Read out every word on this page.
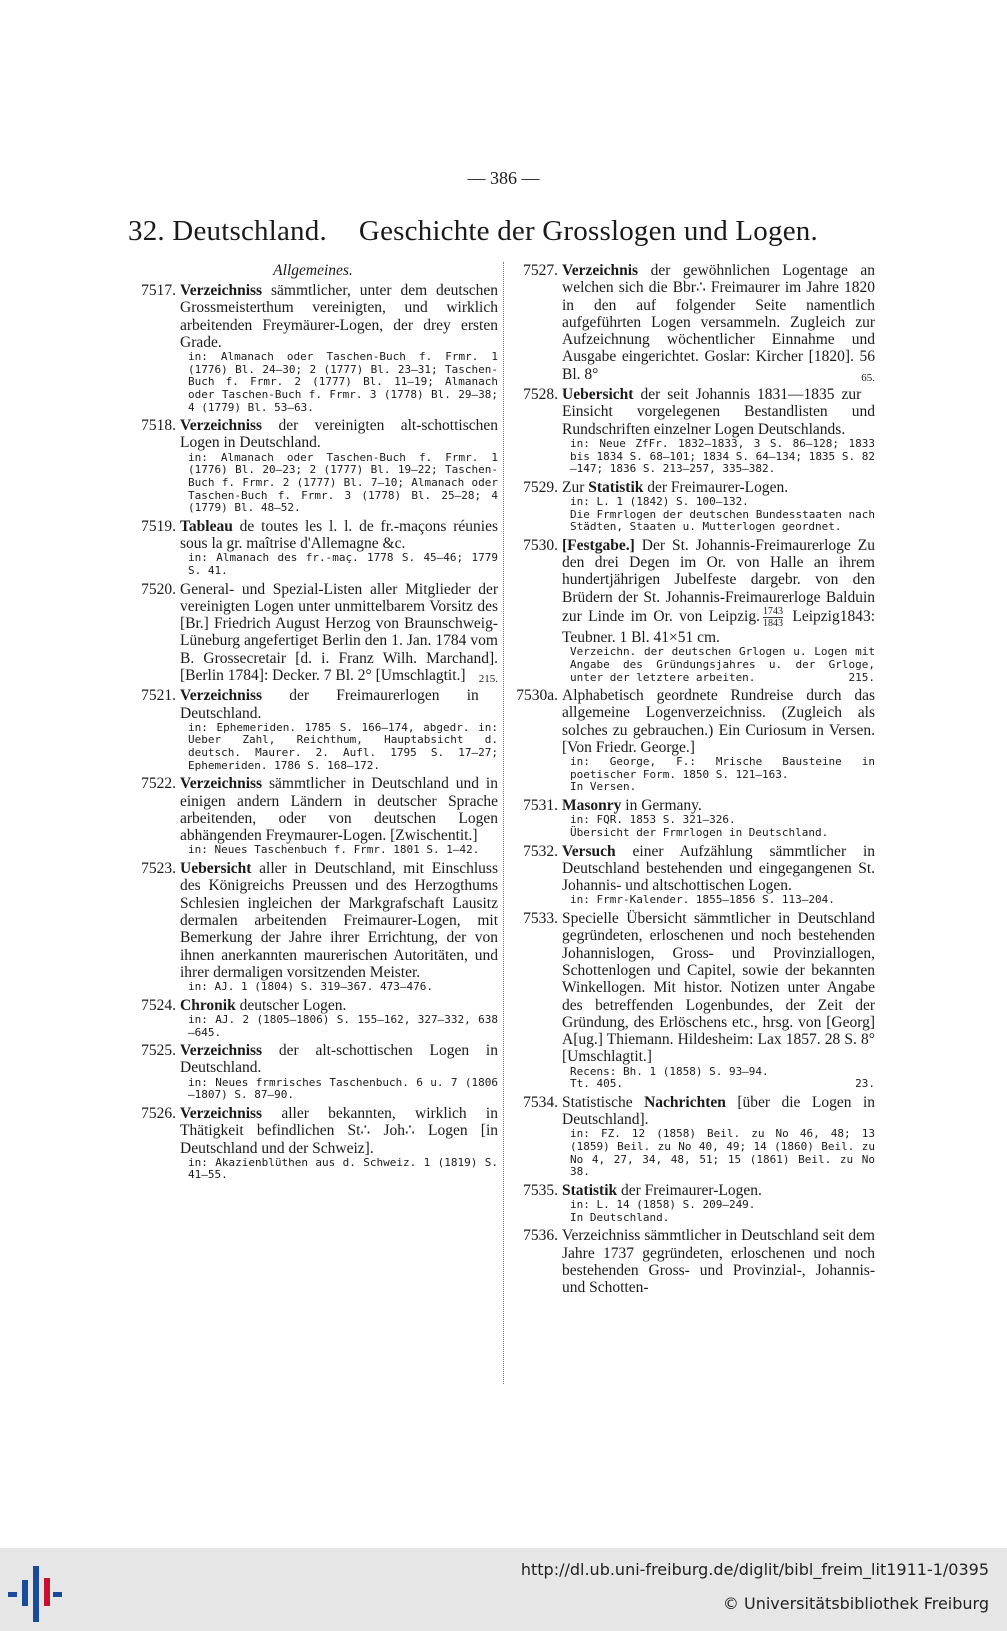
— 386 —
32. Deutschland. Geschichte der Grosslogen und Logen.
Allgemeines.
7517. Verzeichniss sämmtlicher, unter dem deutschen Grossmeisterthum vereinigten, und wirklich arbeitenden Freymäurer-Logen, der drey ersten Grade.
in: Almanach oder Taschen-Buch f. Frmr. 1 (1776) Bl. 24—30; 2 (1777) Bl. 23—31; Taschen-Buch f. Frmr. 2 (1777) Bl. 11—19; Almanach oder Taschen-Buch f. Frmr. 3 (1778) Bl. 29—38; 4 (1779) Bl. 53—63.
7518. Verzeichniss der vereinigten alt-schottischen Logen in Deutschland.
in: Almanach oder Taschen-Buch f. Frmr. 1 (1776) Bl. 20—23; 2 (1777) Bl. 19—22; Taschen-Buch f. Frmr. 2 (1777) Bl. 7—10; Almanach oder Taschen-Buch f. Frmr. 3 (1778) Bl. 25—28; 4 (1779) Bl. 48—52.
7519. Tableau de toutes les l. l. de fr.-maçons réunies sous la gr. maîtrise d'Allemagne &c.
in: Almanach des fr.-maç. 1778 S. 45—46; 1779 S. 41.
7520. General- und Spezial-Listen aller Mitglieder der vereinigten Logen unter unmittelbarem Vorsitz des [Br.] Friedrich August Herzog von Braunschweig-Lüneburg angefertiget Berlin den 1. Jan. 1784 vom B. Grossecretair [d. i. Franz Wilh. Marchand]. [Berlin 1784]: Decker. 7 Bl. 2° [Umschlagtit.] 215.
7521. Verzeichniss der Freimaurerlogen in Deutschland.
in: Ephemeriden. 1785 S. 166—174, abgedr. in: Ueber Zahl, Reichthum, Hauptabsicht d. deutsch. Maurer. 2. Aufl. 1795 S. 17—27; Ephemeriden. 1786 S. 168—172.
7522. Verzeichniss sämmtlicher in Deutschland und in einigen andern Ländern in deutscher Sprache arbeitenden, oder von deutschen Logen abhängenden Freymaurer-Logen. [Zwischentit.]
in: Neues Taschenbuch f. Frmr. 1801 S. 1—42.
7523. Uebersicht aller in Deutschland, mit Einschluss des Königreichs Preussen und des Herzogthums Schlesien ingleichen der Markgrafschaft Lausitz dermalen arbeitenden Freimaurer-Logen, mit Bemerkung der Jahre ihrer Errichtung, der von ihnen anerkannten maurerischen Autoritäten, und ihrer dermaligen vorsitzenden Meister.
in: AJ. 1 (1804) S. 319—367. 473—476.
7524. Chronik deutscher Logen.
in: AJ. 2 (1805—1806) S. 155—162, 327—332, 638—645.
7525. Verzeichniss der alt-schottischen Logen in Deutschland.
in: Neues frmrisches Taschenbuch. 6 u. 7 (1806—1807) S. 87—90.
7526. Verzeichniss aller bekannten, wirklich in Thätigkeit befindlichen St∴ Joh∴ Logen [in Deutschland und der Schweiz].
in: Akazienblüthen aus d. Schweiz. 1 (1819) S. 41—55.
7527. Verzeichnis der gewöhnlichen Logentage an welchen sich die Bbr∴ Freimaurer im Jahre 1820 in den auf folgender Seite namentlich aufgeführten Logen versammeln. Zugleich zur Aufzeichnung wöchentlicher Einnahme und Ausgabe eingerichtet. Goslar: Kircher [1820]. 56 Bl. 8°	65.
7528. Uebersicht der seit Johannis 1831—1835 zur Einsicht vorgelegenen Bestandlisten und Rundschriften einzelner Logen Deutschlands.
in: Neue ZfFr. 1832—1833, 3 S. 86—128; 1833 bis 1834 S. 68—101; 1834 S. 64—134; 1835 S. 82—147; 1836 S. 213—257, 335—382.
7529. Zur Statistik der Freimaurer-Logen.
in: L. 1 (1842) S. 100—132.
Die Frmrlogen der deutschen Bundesstaaten nach Städten, Staaten u. Mutterlogen geordnet.
7530. [Festgabe.] Der St. Johannis-Freimaurerloge Zu den drei Degen im Or. von Halle an ihrem hundertjährigen Jubelfeste dargebr. von den Brüdern der St. Johannis-Freimaurerloge Balduin zur Linde im Or. von Leipzig. $\frac{1743}{1843}$ Leipzig1843: Teubner. 1 Bl. 41×51 cm.
Verzeichn. der deutschen Grlogen u. Logen mit Angabe des Gründungsjahres u. der Grloge, unter der letztere arbeiten.	215.
7530a. Alphabetisch geordnete Rundreise durch das allgemeine Logenverzeichniss. (Zugleich als solches zu gebrauchen.) Ein Curiosum in Versen. [Von Friedr. George.]
in: George, F.: Mrische Bausteine in poetischer Form. 1850 S. 121—163.
In Versen.
7531. Masonry in Germany.
in: FQR. 1853 S. 321—326.
Übersicht der Frmrlogen in Deutschland.
7532. Versuch einer Aufzählung sämmtlicher in Deutschland bestehenden und eingegangenen St. Johannis- und altschottischen Logen.
in: Frmr-Kalender. 1855—1856 S. 113—204.
7533. Specielle Übersicht sämmtlicher in Deutschland gegründeten, erloschenen und noch bestehenden Johannislogen, Gross- und Provinziallogen, Schottenlogen und Capitel, sowie der bekannten Winkellogen. Mit histor. Notizen unter Angabe des betreffenden Logenbundes, der Zeit der Gründung, des Erlöschens etc., hrsg. von [Georg] A[ug.] Thiemann. Hildesheim: Lax 1857. 28 S. 8° [Umschlagtit.]
Recens: Bh. 1 (1858) S. 93—94.
Tt. 405.	23.
7534. Statistische Nachrichten [über die Logen in Deutschland].
in: FZ. 12 (1858) Beil. zu No 46, 48; 13 (1859) Beil. zu No 40, 49; 14 (1860) Beil. zu No 4, 27, 34, 48, 51; 15 (1861) Beil. zu No 38.
7535. Statistik der Freimaurer-Logen.
in: L. 14 (1858) S. 209—249.
In Deutschland.
7536. Verzeichniss sämmtlicher in Deutschland seit dem Jahre 1737 gegründeten, erloschenen und noch bestehenden Gross- und Provinzial-, Johannis- und Schotten-
http://dl.ub.uni-freiburg.de/diglit/bibl_freim_lit1911-1/0395
© Universitätsbibliothek Freiburg
